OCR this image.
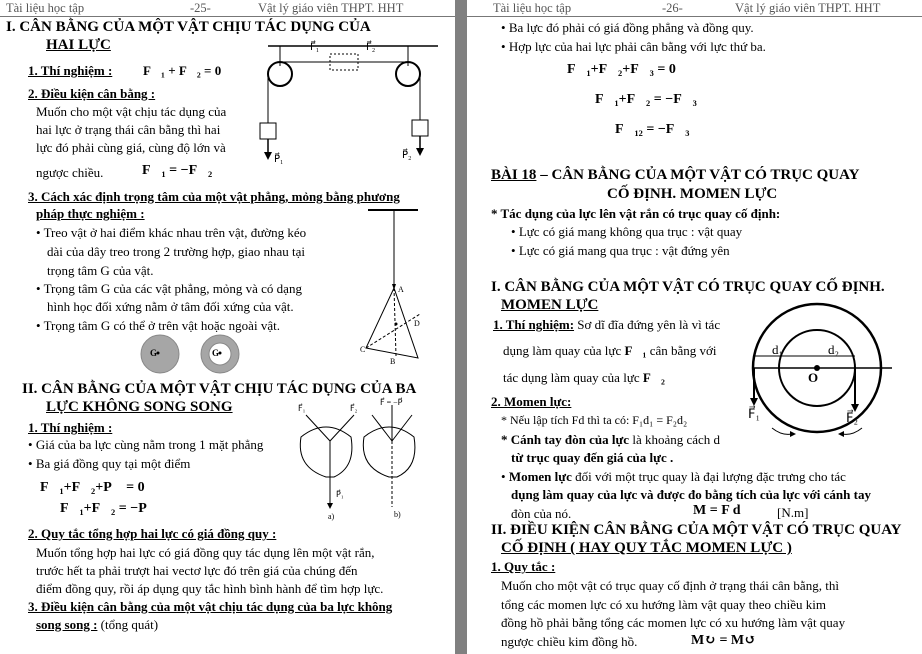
Tài liệu học tập	-25-	Vật lý giáo viên THPT. HHT
I. CÂN BẰNG CỦA MỘT VẬT CHỊU TÁC DỤNG CỦA
HAI LỰC
1. Thí nghiệm : F⃗₁ + F⃗₂ = 0⃗
2. Điều kiện cân bằng :
Muốn cho một vật chịu tác dụng của
hai lực ở trạng thái cân bằng thì hai
lực đó phải cùng giá, cùng độ lớn và
ngược chiều.	F⃗₁ = −F⃗₂
F⃗₁	F⃗₂
P⃗₁	P⃗₂
3. Cách xác định trọng tâm của một vật phẳng, mỏng bằng phương
pháp thực nghiệm :
• Treo vật ở hai điểm khác nhau trên vật, đường kéo
dài của dây treo trong 2 trường hợp, giao nhau tại
trọng tâm G của vật.
• Trọng tâm G của các vật phẳng, mỏng và có dạng
hình học đối xứng nằm ở tâm đối xứng của vật.
• Trọng tâm G có thể ở trên vật hoặc ngoài vật.
A
C
D
B
G	G
II. CÂN BẰNG CỦA MỘT VẬT CHỊU TÁC DỤNG CỦA BA
LỰC KHÔNG SONG SONG
1. Thí nghiệm :
• Giá của ba lực cùng nằm trong 1 mặt phẳng
• Ba giá đồng quy tại một điểm
F⃗₁+F⃗₂+P⃗ = 0⃗
F⃗₁+F⃗₂ = −P⃗
F⃗₁	F⃗₂
F⃗ = −P⃗
P⃗₁
a)	b)
2. Quy tắc tổng hợp hai lực có giá đồng quy :
Muốn tổng hợp hai lực có giá đồng quy tác dụng lên một vật rắn,
trước hết ta phải trượt hai vectơ lực đó trên giá của chúng đến
điểm đồng quy, rồi áp dụng quy tắc hình bình hành để tìm hợp lực.
3. Điều kiện cân bằng của một vật chịu tác dụng của ba lực không
song song : (tổng quát)
Tài liệu học tập	-26-	Vật lý giáo viên THPT. HHT
• Ba lực đó phải có giá đồng phẳng và đồng quy.
• Hợp lực của hai lực phải cân bằng với lực thứ ba.
F⃗₁+F⃗₂+F⃗₃ = 0⃗
F⃗₁+F⃗₂ = −F⃗₃
F⃗₁₂ = −F⃗₃
BÀI 18 – CÂN BẰNG CỦA MỘT VẬT CÓ TRỤC QUAY
CỐ ĐỊNH. MOMEN LỰC
* Tác dụng của lực lên vật rắn có trục quay cố định:
• Lực có giá mang không qua trục : vật quay
• Lực có giá mang qua trục : vật đứng yên
I. CÂN BẰNG CỦA MỘT VẬT CÓ TRỤC QUAY CỐ ĐỊNH.
MOMEN LỰC
1. Thí nghiệm: Sơ dĩ đĩa đứng yên là vì tác
dụng làm quay của lực F⃗₁ cân bằng với
tác dụng làm quay của lực F⃗₂
d₁	d₂
O
F⃗₁	F⃗₂
2. Momen lực:
* Nếu lập tích Fd thì ta có: F₁d₁ = F₂d₂
* Cánh tay đòn của lực là khoảng cách d
từ trục quay đến giá của lực .
• Momen lực đối với một trục quay là đại lượng đặc trưng cho tác
dụng làm quay của lực và được đo bằng tích của lực với cánh tay
đòn của nó.	M = F d	[N.m]
II. ĐIỀU KIỆN CÂN BẰNG CỦA MỘT VẬT CÓ TRỤC QUAY
CỐ ĐỊNH ( HAY QUY TẮC MOMEN LỰC )
1. Quy tắc :
Muốn cho một vật có trục quay cố định ở trạng thái cân bằng, thì
tổng các momen lực có xu hướng làm vật quay theo chiều kim
đồng hồ phải bằng tổng các momen lực có xu hướng làm vật quay
ngược chiều kim đồng hồ.	M↻ = M↺
